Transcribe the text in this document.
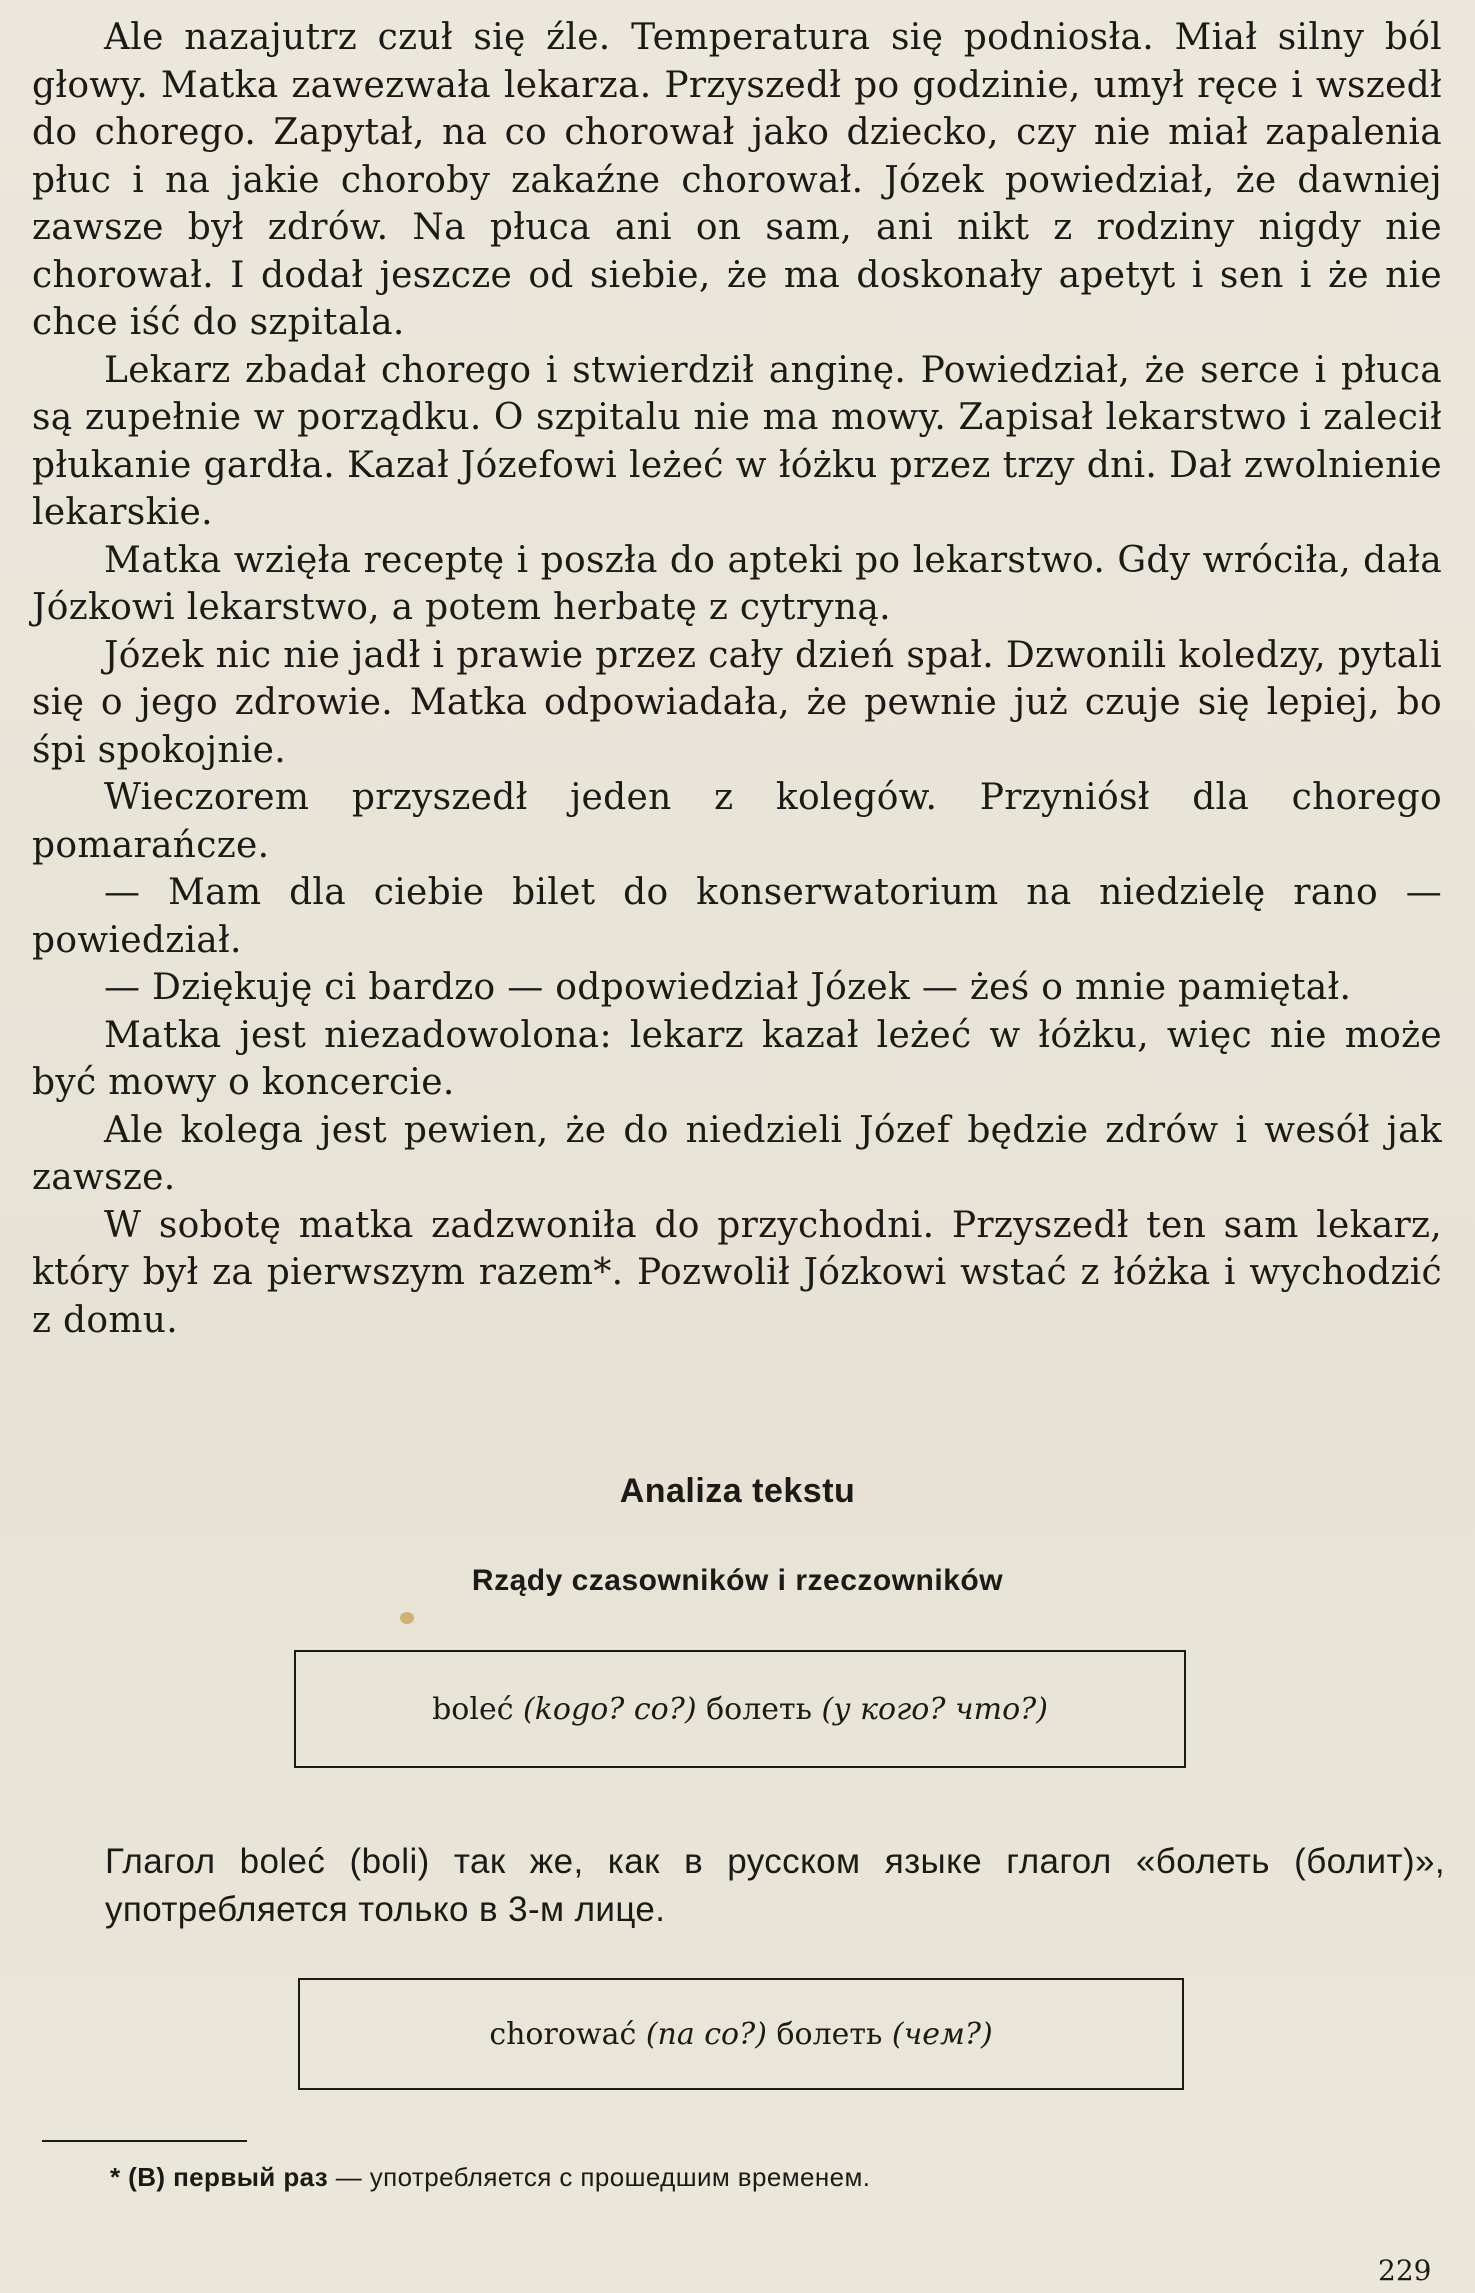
Ale nazajutrz czuł się źle. Temperatura się podniosła. Miał silny ból głowy. Matka zawezwała lekarza. Przyszedł po godzinie, umył ręce i wszedł do chorego. Zapytał, na co chorował jako dziecko, czy nie miał zapalenia płuc i na jakie choroby zakaźne chorował. Józek powiedział, że dawniej zawsze był zdrów. Na płuca ani on sam, ani nikt z rodziny nigdy nie chorował. I dodał jeszcze od siebie, że ma doskonały apetyt i sen i że nie chce iść do szpitala.

Lekarz zbadał chorego i stwierdził anginę. Powiedział, że serce i płuca są zupełnie w porządku. O szpitalu nie ma mowy. Zapisał lekarstwo i zalecił płukanie gardła. Kazał Józefowi leżeć w łóżku przez trzy dni. Dał zwolnienie lekarskie.

Matka wzięła receptę i poszła do apteki po lekarstwo. Gdy wróciła, dała Józkowi lekarstwo, a potem herbatę z cytryną.

Józek nic nie jadł i prawie przez cały dzień spał. Dzwonili koledzy, pytali się o jego zdrowie. Matka odpowiadała, że pewnie już czuje się lepiej, bo śpi spokojnie.

Wieczorem przyszedł jeden z kolegów. Przyniósł dla chorego pomarańcze.

— Mam dla ciebie bilet do konserwatorium na niedzielę rano — powiedział.

— Dziękuję ci bardzo — odpowiedział Józek — żeś o mnie pamiętał.

Matka jest niezadowolona: lekarz kazał leżeć w łóżku, więc nie może być mowy o koncercie.

Ale kolega jest pewien, że do niedzieli Józef będzie zdrów i wesół jak zawsze.

W sobotę matka zadzwoniła do przychodni. Przyszedł ten sam lekarz, który był za pierwszym razem*. Pozwolił Józkowi wstać z łóżka i wychodzić z domu.

Analiza tekstu
Rządy czasowników i rzeczowników
boleć
(kogo? co?)
болеть
(у кого? что?)
Глагол boleć (boli) так же, как в русском языке глагол «болеть (болит)», употребляется только в 3-м лице.
chorować
(na co?)
болеть
(чем?)
* (B) первый раз — употребляется с прошедшим временем.
229
